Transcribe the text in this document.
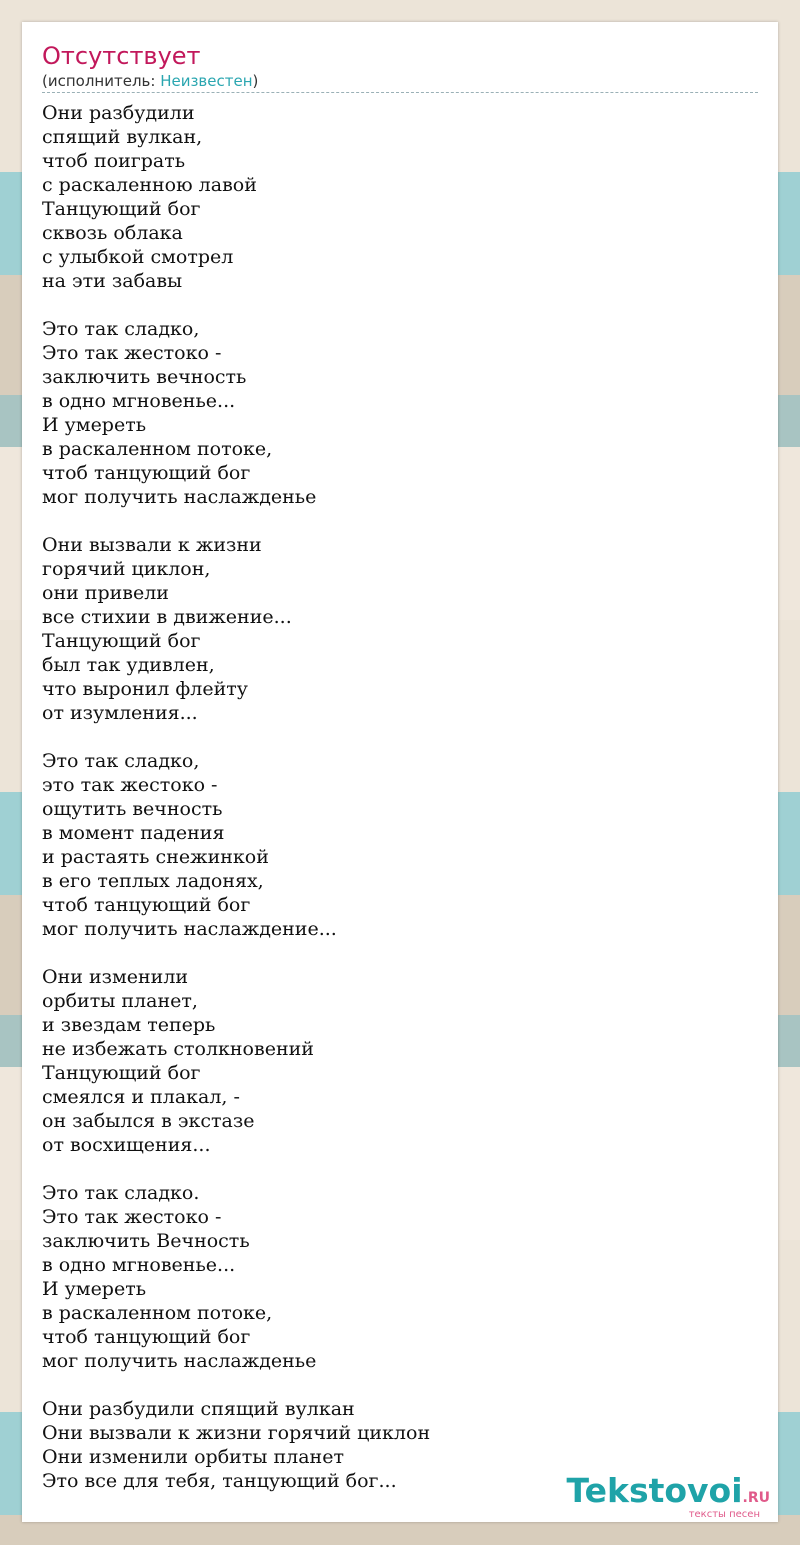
Отсутствует
(исполнитель: Неизвестен)
Они разбудили
спящий вулкан,
чтоб поиграть
с раскаленною лавой
Танцующий бог
сквозь облака
с улыбкой смотрел
на эти забавы

Это так сладко,
Это так жестоко -
заключить вечность
в одно мгновенье...
И умереть
в раскаленном потоке,
чтоб танцующий бог
мог получить наслажденье

Они вызвали к жизни
горячий циклон,
они привели
все стихии в движение...
Танцующий бог
был так удивлен,
что выронил флейту
от изумления...

Это так сладко,
это так жестоко -
ощутить вечность
в момент падения
и растаять снежинкой
в его теплых ладонях,
чтоб танцующий бог
мог получить наслаждение...

Они изменили
орбиты планет,
и звездам теперь
не избежать столкновений
Танцующий бог
смеялся и плакал, -
он забылся в экстазе
от восхищения...

Это так сладко.
Это так жестоко -
заключить Вечность
в одно мгновенье...
И умереть
в раскаленном потоке,
чтоб танцующий бог
мог получить наслажденье

Они разбудили спящий вулкан
Они вызвали к жизни горячий циклон
Они изменили орбиты планет
Это все для тебя, танцующий бог...	Tekstovoi.RU
тексты песен
